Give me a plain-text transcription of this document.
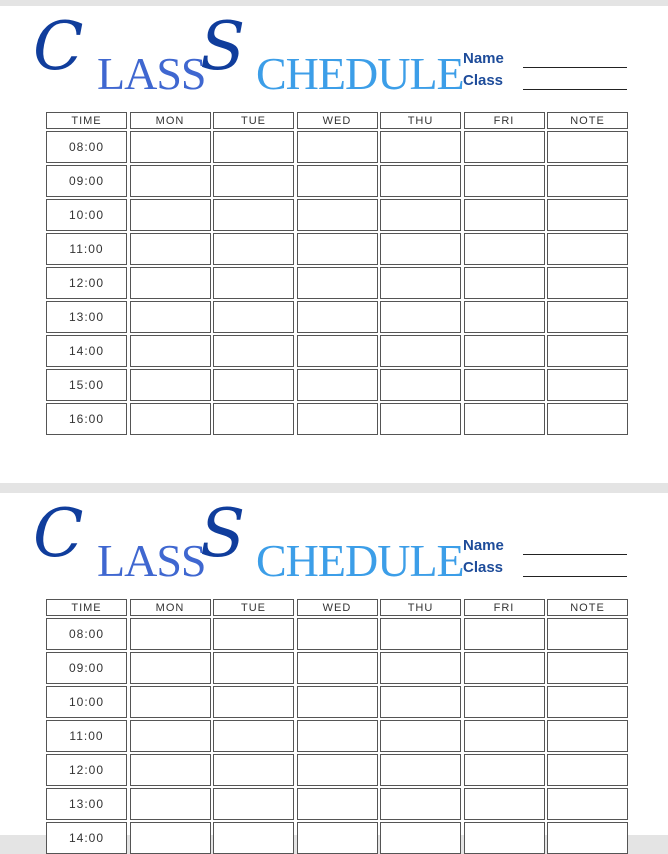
C LASS
S CHEDULE Name
Class
TIME	MON	TUE	WED	THU	FRI	NOTE
08:00
09:00
10:00
11:00
12:00
13:00
14:00
15:00
16:00
C LASS
S CHEDULE Name
Class
TIME	MON	TUE	WED	THU	FRI	NOTE
08:00
09:00
10:00
11:00
12:00
13:00
14:00
